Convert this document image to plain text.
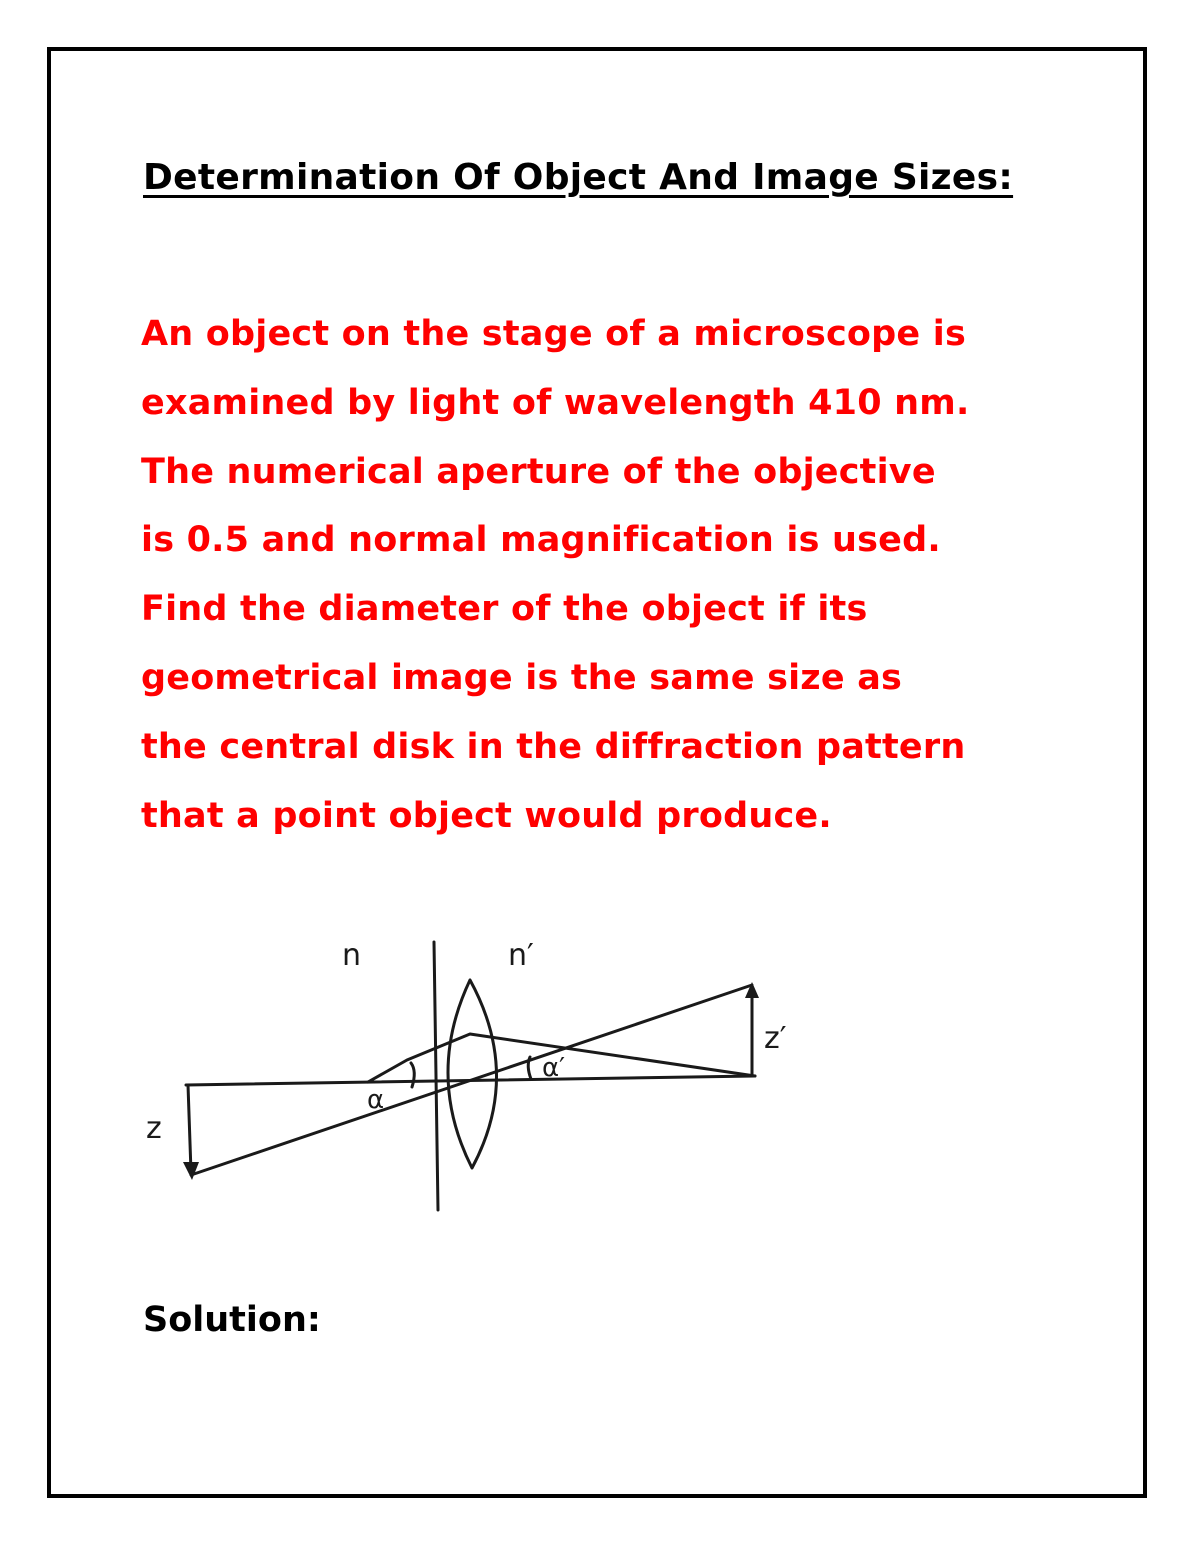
Determination Of Object And Image Sizes:
An object on the stage of a microscope is
examined by light of wavelength 410 nm.
The numerical aperture of the objective
is 0.5 and normal magnification is used.
Find the diameter of the object if its
geometrical image is the same size as
the central disk in the diffraction pattern
that a point object would produce.
n	n′
z
z′
α
α′

Solution:
